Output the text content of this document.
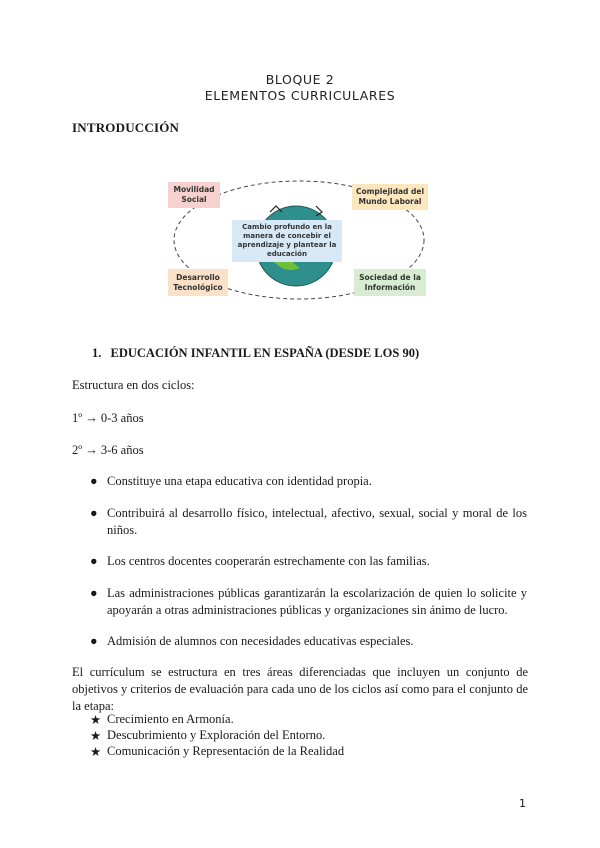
BLOQUE 2
ELEMENTOS CURRICULARES
INTRODUCCIÓN
Movilidad
Social
Complejidad del
Mundo Laboral
Cambio profundo en la
manera de concebir el
aprendizaje y plantear la
educación
Desarrollo
Tecnológico
Sociedad de la
Información
1. EDUCACIÓN INFANTIL EN ESPAÑA (DESDE LOS 90)
Estructura en dos ciclos:
1º → 0-3 años
2º → 3-6 años
● Constituye una etapa educativa con identidad propia.
● Contribuirá al desarrollo físico, intelectual, afectivo, sexual, social y moral de los niños.
● Los centros docentes cooperarán estrechamente con las familias.
● Las administraciones públicas garantizarán la escolarización de quien lo solicite y apoyarán a otras administraciones públicas y organizaciones sin ánimo de lucro.
● Admisión de alumnos con necesidades educativas especiales.
El currículum se estructura en tres áreas diferenciadas que incluyen un conjunto de objetivos y criterios de evaluación para cada uno de los ciclos así como para el conjunto de la etapa:
★ Crecimiento en Armonía.
★ Descubrimiento y Exploración del Entorno.
★ Comunicación y Representación de la Realidad
1
